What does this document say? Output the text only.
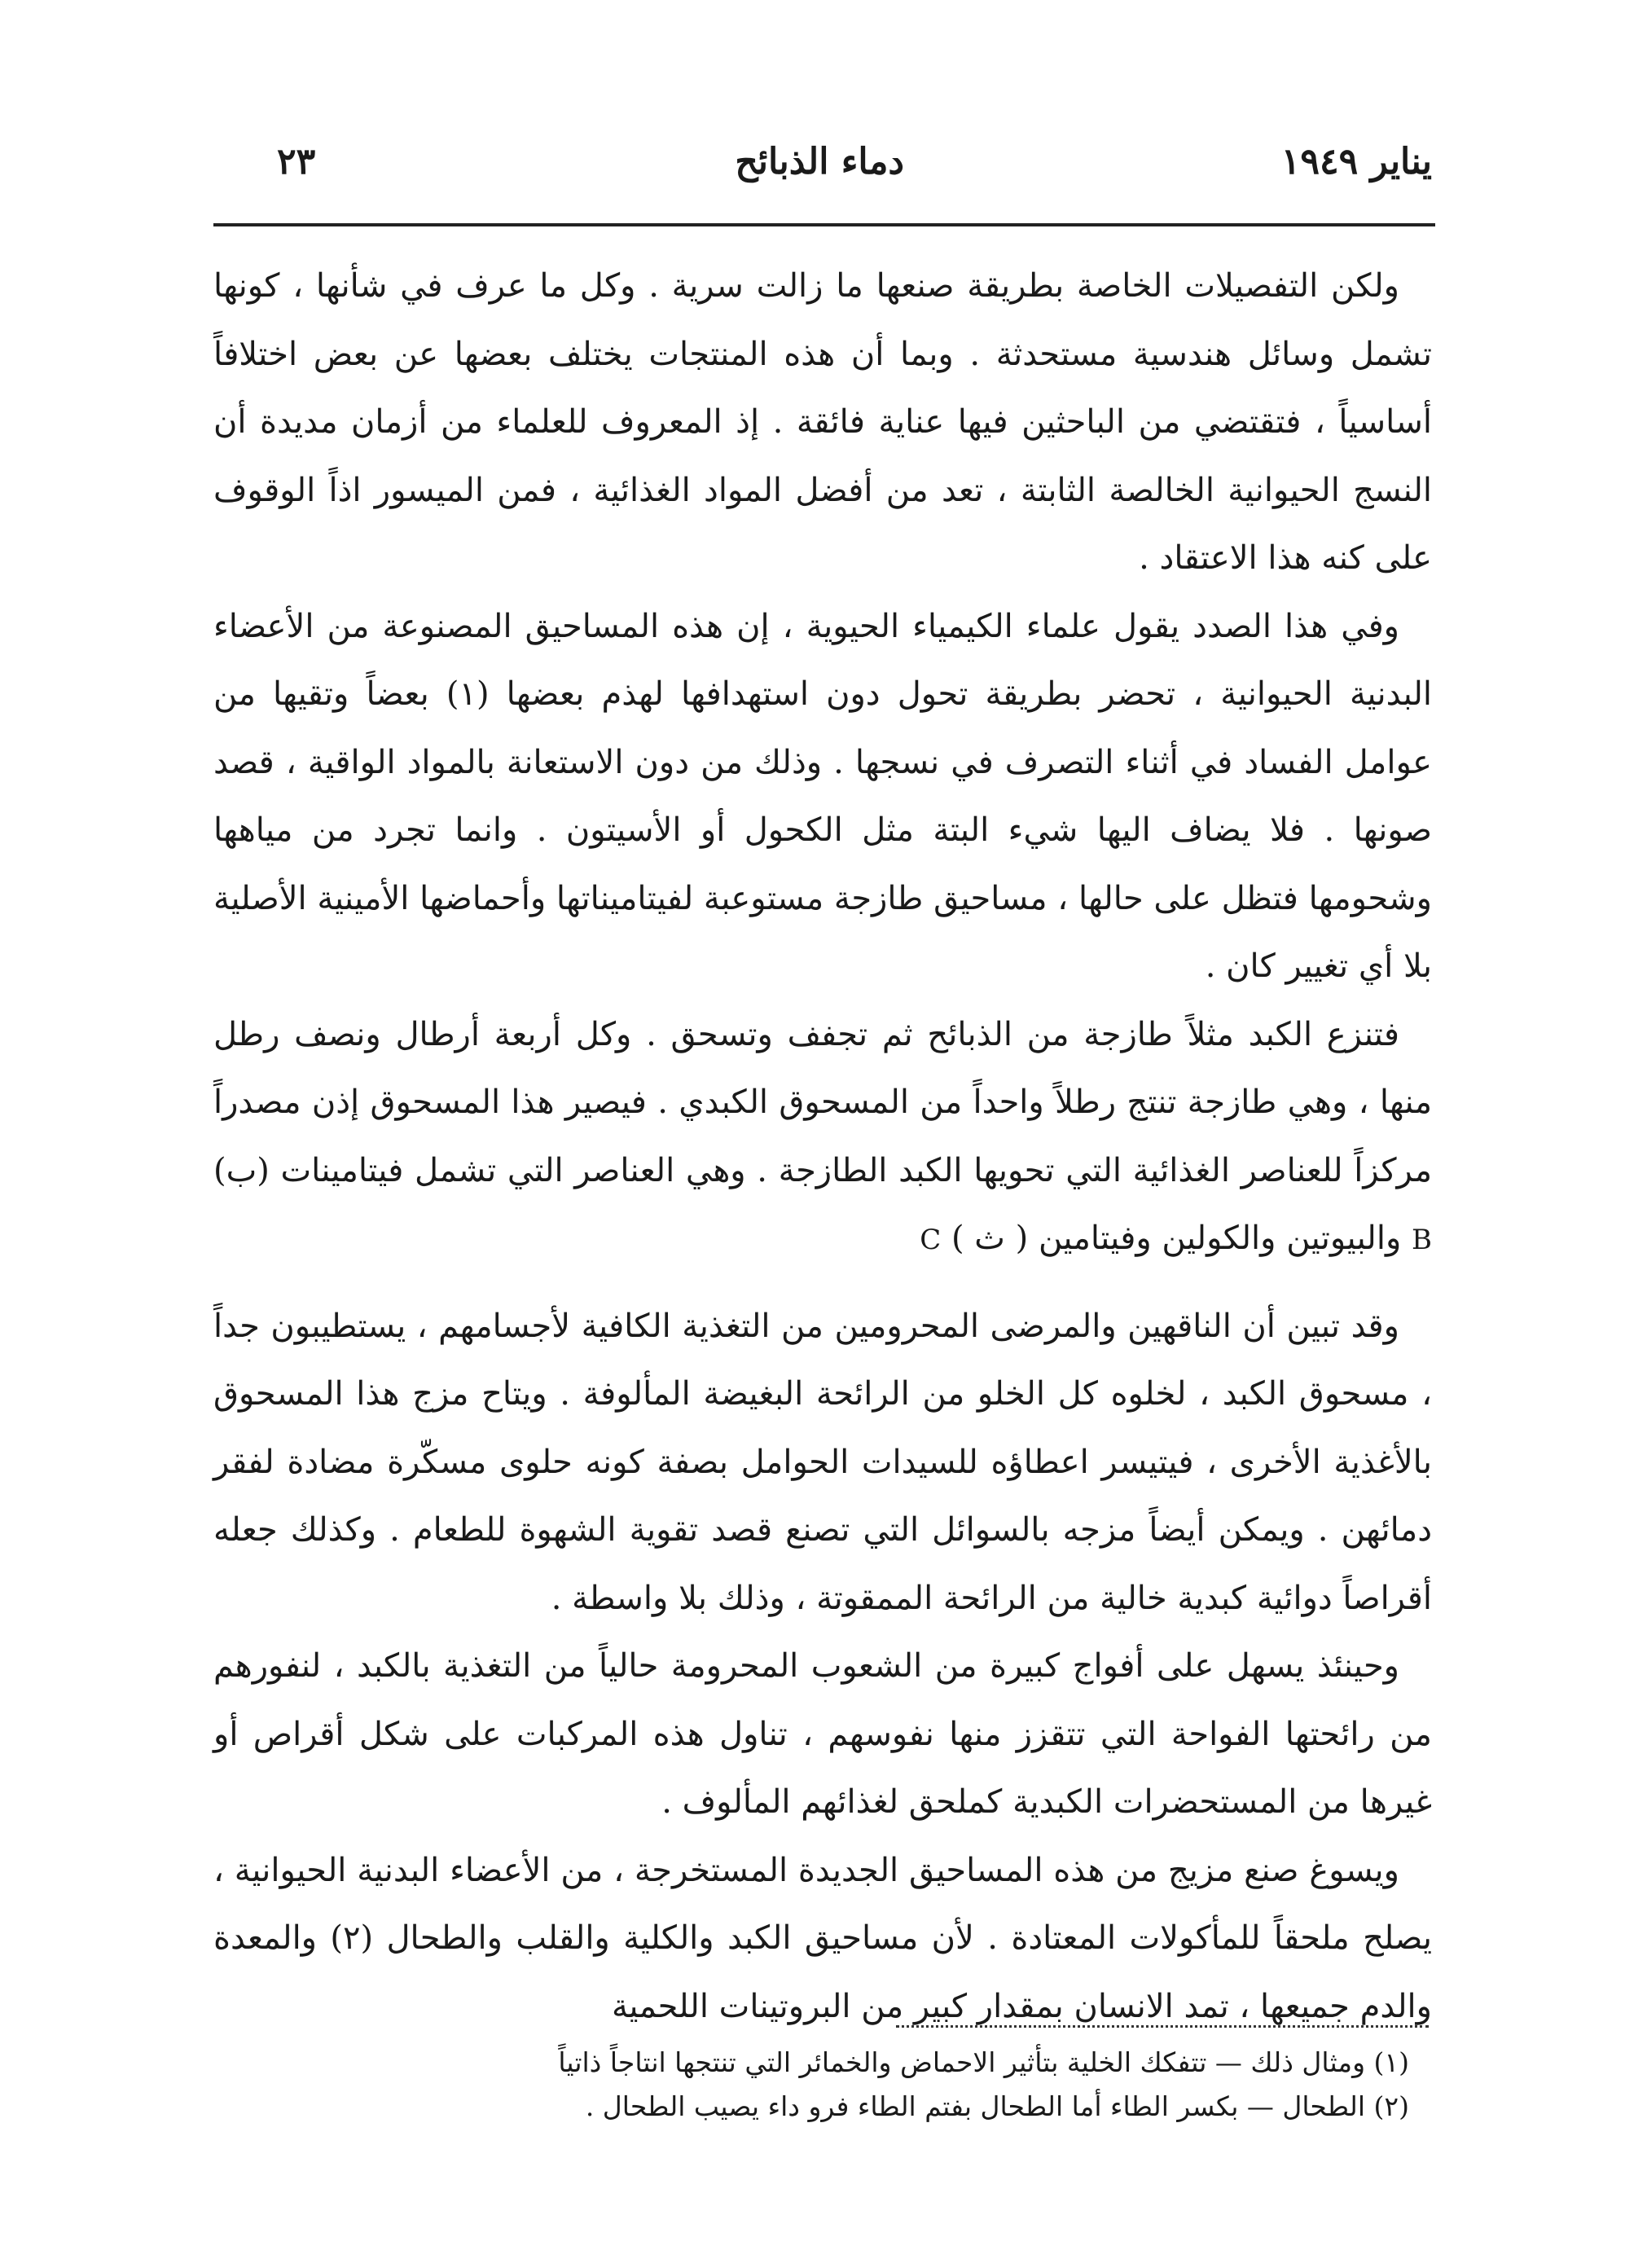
يناير ١٩٤٩
دماء الذبائح
٢٣

ولكن التفصيلات الخاصة بطريقة صنعها ما زالت سرية . وكل ما عرف في شأنها ، كونها تشمل وسائل هندسية مستحدثة . وبما أن هذه المنتجات يختلف بعضها عن بعض اختلافاً أساسياً ، فتقتضي من الباحثين فيها عناية فائقة . إذ المعروف للعلماء من أزمان مديدة أن النسج الحيوانية الخالصة الثابتة ، تعد من أفضل المواد الغذائية ، فمن الميسور اذاً الوقوف على كنه هذا الاعتقاد .

وفي هذا الصدد يقول علماء الكيمياء الحيوية ، إن هذه المساحيق المصنوعة من الأعضاء البدنية الحيوانية ، تحضر بطريقة تحول دون استهدافها لهذم بعضها (١) بعضاً وتقيها من عوامل الفساد في أثناء التصرف في نسجها . وذلك من دون الاستعانة بالمواد الواقية ، قصد صونها . فلا يضاف اليها شيء البتة مثل الكحول أو الأسيتون . وانما تجرد من مياهها وشحومها فتظل على حالها ، مساحيق طازجة مستوعبة لفيتاميناتها وأحماضها الأمينية الأصلية بلا أي تغيير كان .

فتنزع الكبد مثلاً طازجة من الذبائح ثم تجفف وتسحق . وكل أربعة أرطال ونصف رطل منها ، وهي طازجة تنتج رطلاً واحداً من المسحوق الكبدي . فيصير هذا المسحوق إذن مصدراً مركزاً للعناصر الغذائية التي تحويها الكبد الطازجة . وهي العناصر التي تشمل فيتامينات (ب) B والبيوتين والكولين وفيتامين ( ث ) C

وقد تبين أن الناقهين والمرضى المحرومين من التغذية الكافية لأجسامهم ، يستطيبون جداً ، مسحوق الكبد ، لخلوه كل الخلو من الرائحة البغيضة المألوفة . ويتاح مزج هذا المسحوق بالأغذية الأخرى ، فيتيسر اعطاؤه للسيدات الحوامل بصفة كونه حلوى مسكّرة مضادة لفقر دمائهن . ويمكن أيضاً مزجه بالسوائل التي تصنع قصد تقوية الشهوة للطعام . وكذلك جعله أقراصاً دوائية كبدية خالية من الرائحة الممقوتة ، وذلك بلا واسطة .

وحينئذ يسهل على أفواج كبيرة من الشعوب المحرومة حالياً من التغذية بالكبد ، لنفورهم من رائحتها الفواحة التي تتقزز منها نفوسهم ، تناول هذه المركبات على شكل أقراص أو غيرها من المستحضرات الكبدية كملحق لغذائهم المألوف .

ويسوغ صنع مزيج من هذه المساحيق الجديدة المستخرجة ، من الأعضاء البدنية الحيوانية ، يصلح ملحقاً للمأكولات المعتادة . لأن مساحيق الكبد والكلية والقلب والطحال (٢) والمعدة والدم جميعها ، تمد الانسان بمقدار كبير من البروتينات اللحمية

(١) ومثال ذلك — تتفكك الخلية بتأثير الاحماض والخمائر التي تنتجها انتاجاً ذاتياً

(٢) الطحال — بكسر الطاء أما الطحال بفتم الطاء فرو داء يصيب الطحال .
